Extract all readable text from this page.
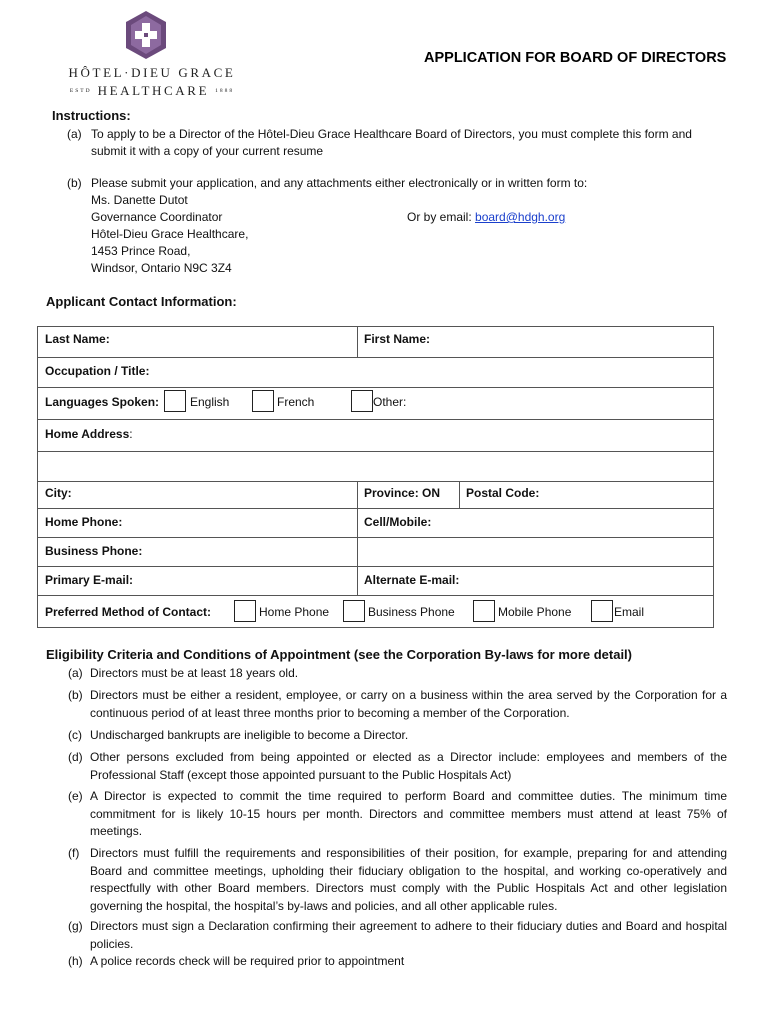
HÔTEL·DIEU GRACE
ESTD HEALTHCARE 1888
APPLICATION FOR BOARD OF DIRECTORS
Instructions:
(a) To apply to be a Director of the Hôtel-Dieu Grace Healthcare Board of Directors, you must complete this form and submit it with a copy of your current resume
(b) Please submit your application, and any attachments either electronically or in written form to:
Ms. Danette Dutot
Governance Coordinator
Hôtel-Dieu Grace Healthcare,
1453 Prince Road,
Windsor, Ontario N9C 3Z4
Or by email: board@hdgh.org
Applicant Contact Information:
Last Name:	First Name:
Occupation / Title:
Languages Spoken:	English	French	Other:
Home Address:
City:	Province: ON Postal Code:
Home Phone:	Cell/Mobile:
Business Phone:
Primary E-mail:	Alternate E-mail:
Preferred Method of Contact:	Home Phone	Business Phone	Mobile Phone	Email
Eligibility Criteria and Conditions of Appointment (see the Corporation By-laws for more detail)
(a) Directors must be at least 18 years old.
(b) Directors must be either a resident, employee, or carry on a business within the area served by the Corporation for a continuous period of at least three months prior to becoming a member of the Corporation.
(c) Undischarged bankrupts are ineligible to become a Director.
(d) Other persons excluded from being appointed or elected as a Director include: employees and members of the Professional Staff (except those appointed pursuant to the Public Hospitals Act)
(e) A Director is expected to commit the time required to perform Board and committee duties. The minimum time commitment for is likely 10-15 hours per month. Directors and committee members must attend at least 75% of meetings.
(f) Directors must fulfill the requirements and responsibilities of their position, for example, preparing for and attending Board and committee meetings, upholding their fiduciary obligation to the hospital, and working co-operatively and respectfully with other Board members. Directors must comply with the Public Hospitals Act and other legislation governing the hospital, the hospital’s by-laws and policies, and all other applicable rules.
(g) Directors must sign a Declaration confirming their agreement to adhere to their fiduciary duties and Board and hospital policies.
(h) A police records check will be required prior to appointment
